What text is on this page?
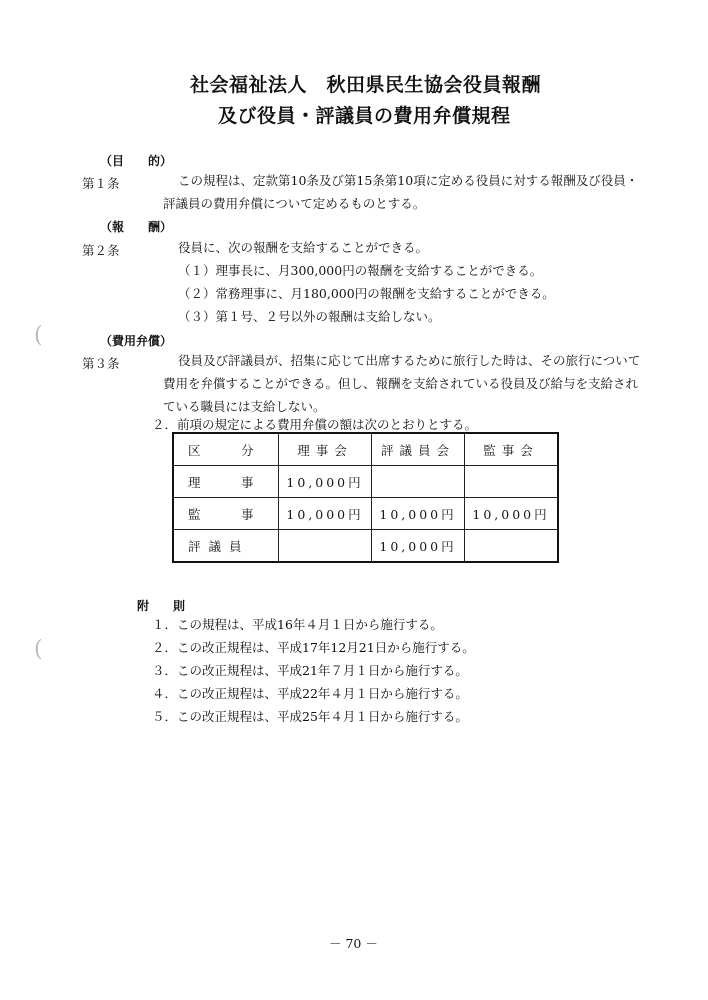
社会福祉法人　秋田県民生協会役員報酬
及び役員・評議員の費用弁償規程
（目　　的）
第１条	この規程は、定款第10条及び第15条第10項に定める役員に対する報酬及び役員・
評議員の費用弁償について定めるものとする。
（報　　酬）
第２条	役員に、次の報酬を支給することができる。
（１）理事長に、月300,000円の報酬を支給することができる。
（２）常務理事に、月180,000円の報酬を支給することができる。
（３）第１号、２号以外の報酬は支給しない。
（費用弁償）
第３条	役員及び評議員が、招集に応じて出席するために旅行した時は、その旅行について
費用を弁償することができる。但し、報酬を支給されている役員及び給与を支給され
ている職員には支給しない。
２．前項の規定による費用弁償の額は次のとおりとする。
区　分	理事会	評議員会	監事会
理　事	10,000円		
監　事	10,000円	10,000円	10,000円
評議員		10,000円	
附　　則
１．この規程は、平成16年４月１日から施行する。
２．この改正規程は、平成17年12月21日から施行する。
３．この改正規程は、平成21年７月１日から施行する。
４．この改正規程は、平成22年４月１日から施行する。
５．この改正規程は、平成25年４月１日から施行する。
(
(
－ 70 －
